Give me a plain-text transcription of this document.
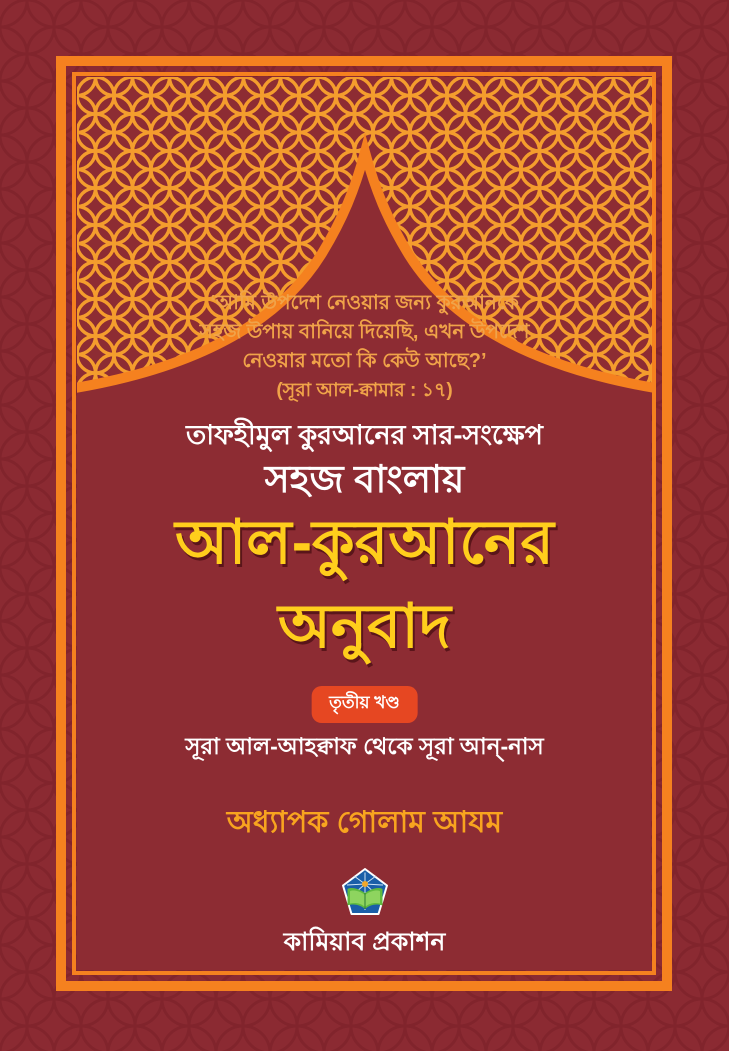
‘আমি উপদেশ নেওয়ার জন্য কুরআনকে
সহজ উপায় বানিয়ে দিয়েছি, এখন উপদেশ
নেওয়ার মতো কি কেউ আছে?’
(সূরা আল-ক্বামার : ১৭)
তাফহীমুল কুরআনের সার-সংক্ষেপ
সহজ বাংলায়
আল-কুরআনের
অনুবাদ
তৃতীয় খণ্ড
সূরা আল-আহক্বাফ থেকে সূরা আন্-নাস
অধ্যাপক গোলাম আযম
কামিয়াব প্রকাশন
